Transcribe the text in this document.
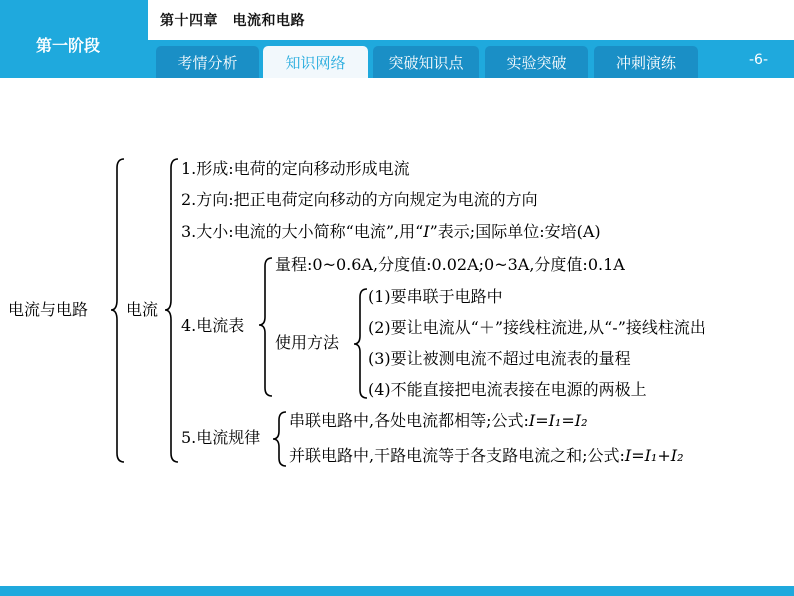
第一阶段
第十四章　电流和电路
考情分析	知识网络	突破知识点	实验突破	冲刺演练	-6-
电流与电路 电流
1.形成:电荷的定向移动形成电流
2.方向:把正电荷定向移动的方向规定为电流的方向
3.大小:电流的大小简称“电流”,用“I”表示;国际单位:安培(A)
4.电流表
量程:0~0.6A,分度值:0.02A;0~3A,分度值:0.1A
使用方法
(1)要串联于电路中
(2)要让电流从“＋”接线柱流进,从“-”接线柱流出
(3)要让被测电流不超过电流表的量程
(4)不能直接把电流表接在电源的两极上
5.电流规律
串联电路中,各处电流都相等;公式:I=I₁=I₂
并联电路中,干路电流等于各支路电流之和;公式:I=I₁+I₂
